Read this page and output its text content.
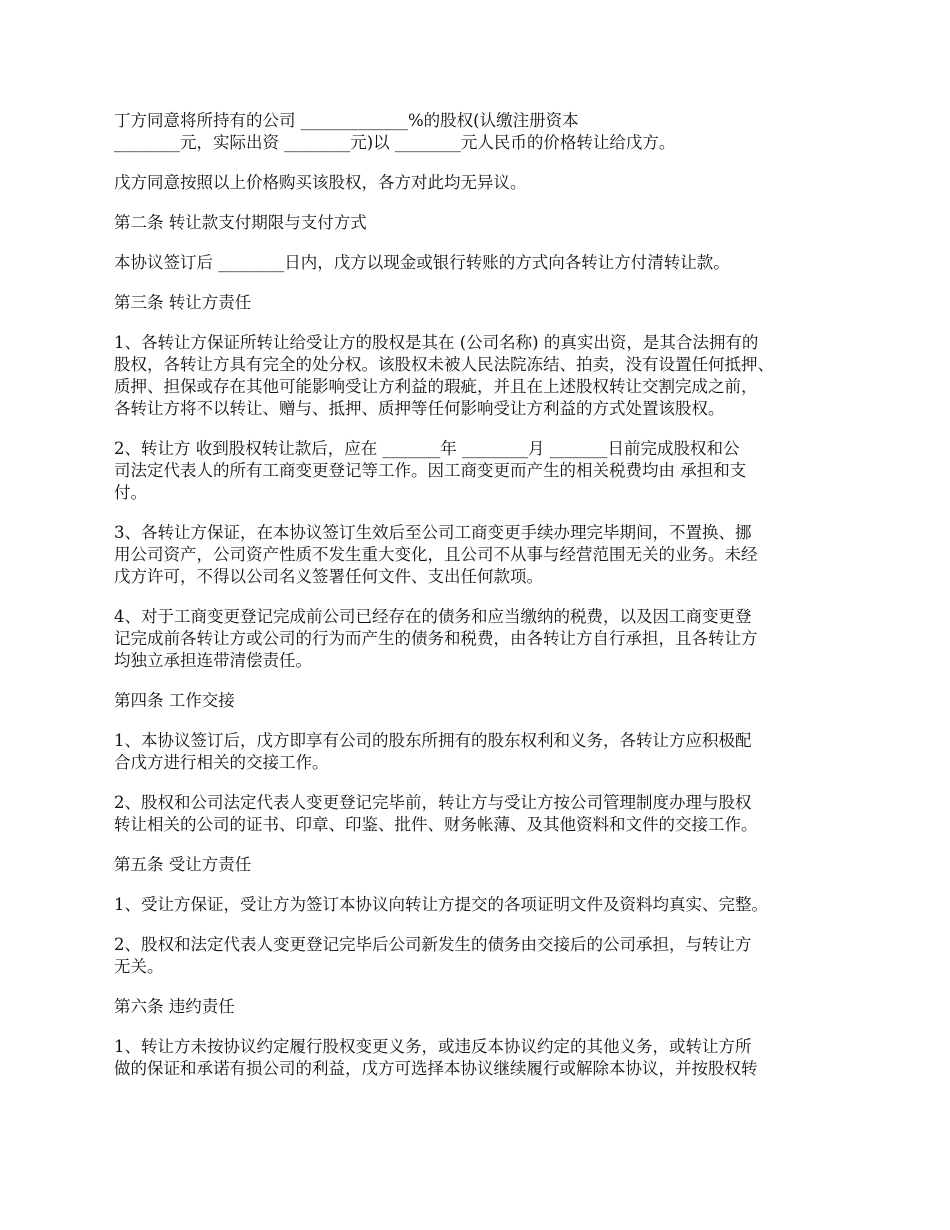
丁方同意将所持有的公司 _____________%的股权(认缴注册资本
________元，实际出资 ________元)以 ________元人民币的价格转让给戊方。

戊方同意按照以上价格购买该股权，各方对此均无异议。

第二条 转让款支付期限与支付方式

本协议签订后 ________日内，戊方以现金或银行转账的方式向各转让方付清转让款。

第三条 转让方责任

1、各转让方保证所转让给受让方的股权是其在 (公司名称) 的真实出资，是其合法拥有的
股权，各转让方具有完全的处分权。该股权未被人民法院冻结、拍卖，没有设置任何抵押、
质押、担保或存在其他可能影响受让方利益的瑕疵，并且在上述股权转让交割完成之前，
各转让方将不以转让、赠与、抵押、质押等任何影响受让方利益的方式处置该股权。

2、转让方 收到股权转让款后，应在 _______年 ________月 _______日前完成股权和公
司法定代表人的所有工商变更登记等工作。因工商变更而产生的相关税费均由 承担和支
付。

3、各转让方保证，在本协议签订生效后至公司工商变更手续办理完毕期间，不置换、挪
用公司资产，公司资产性质不发生重大变化，且公司不从事与经营范围无关的业务。未经
戊方许可，不得以公司名义签署任何文件、支出任何款项。

4、对于工商变更登记完成前公司已经存在的债务和应当缴纳的税费，以及因工商变更登
记完成前各转让方或公司的行为而产生的债务和税费，由各转让方自行承担，且各转让方
均独立承担连带清偿责任。

第四条 工作交接

1、本协议签订后，戊方即享有公司的股东所拥有的股东权利和义务，各转让方应积极配
合戊方进行相关的交接工作。

2、股权和公司法定代表人变更登记完毕前，转让方与受让方按公司管理制度办理与股权
转让相关的公司的证书、印章、印鉴、批件、财务帐薄、及其他资料和文件的交接工作。

第五条 受让方责任

1、受让方保证，受让方为签订本协议向转让方提交的各项证明文件及资料均真实、完整。

2、股权和法定代表人变更登记完毕后公司新发生的债务由交接后的公司承担，与转让方
无关。

第六条 违约责任

1、转让方未按协议约定履行股权变更义务，或违反本协议约定的其他义务，或转让方所
做的保证和承诺有损公司的利益，戊方可选择本协议继续履行或解除本协议，并按股权转
